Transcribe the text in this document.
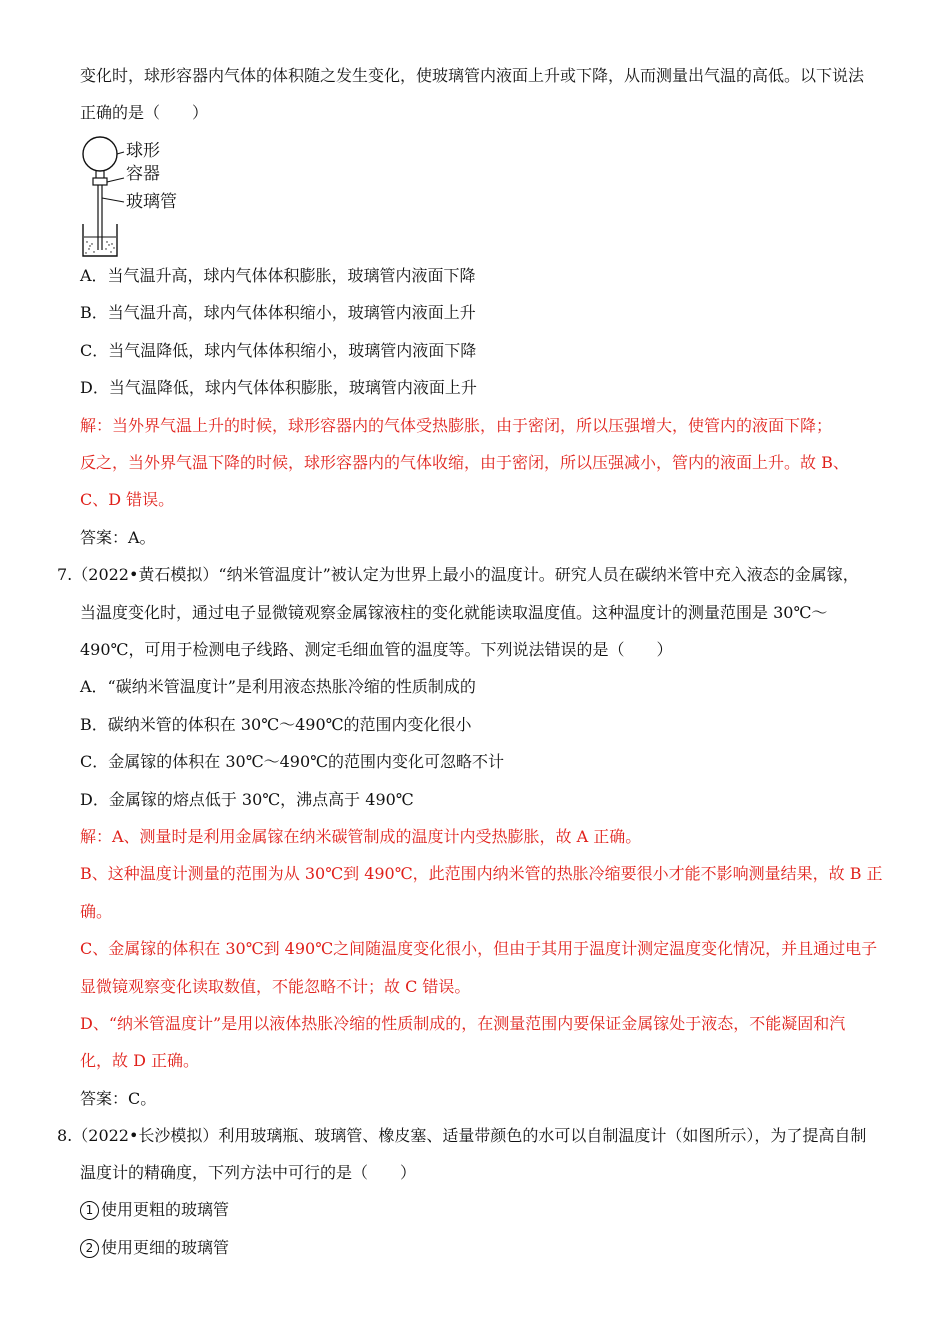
变化时，球形容器内气体的体积随之发生变化，使玻璃管内液面上升或下降，从而测量出气温的高低。以下说法
正确的是（　　）
球形
容器
玻璃管
A．当气温升高，球内气体体积膨胀，玻璃管内液面下降
B．当气温升高，球内气体体积缩小，玻璃管内液面上升
C．当气温降低，球内气体体积缩小，玻璃管内液面下降
D．当气温降低，球内气体体积膨胀，玻璃管内液面上升
解：当外界气温上升的时候，球形容器内的气体受热膨胀，由于密闭，所以压强增大，使管内的液面下降；
反之，当外界气温下降的时候，球形容器内的气体收缩，由于密闭，所以压强减小，管内的液面上升。故 B、
C、D 错误。
答案：A。
7.（2022•黄石模拟）“纳米管温度计”被认定为世界上最小的温度计。研究人员在碳纳米管中充入液态的金属镓，
当温度变化时，通过电子显微镜观察金属镓液柱的变化就能读取温度值。这种温度计的测量范围是 30℃～
490℃，可用于检测电子线路、测定毛细血管的温度等。下列说法错误的是（　　）
A．“碳纳米管温度计”是利用液态热胀冷缩的性质制成的
B．碳纳米管的体积在 30℃～490℃的范围内变化很小
C．金属镓的体积在 30℃～490℃的范围内变化可忽略不计
D．金属镓的熔点低于 30℃，沸点高于 490℃
解：A、测量时是利用金属镓在纳米碳管制成的温度计内受热膨胀，故 A 正确。
B、这种温度计测量的范围为从 30℃到 490℃，此范围内纳米管的热胀冷缩要很小才能不影响测量结果，故 B 正
确。
C、金属镓的体积在 30℃到 490℃之间随温度变化很小，但由于其用于温度计测定温度变化情况，并且通过电子
显微镜观察变化读取数值，不能忽略不计；故 C 错误。
D、“纳米管温度计”是用以液体热胀冷缩的性质制成的，在测量范围内要保证金属镓处于液态，不能凝固和汽
化，故 D 正确。
答案：C。
8.（2022•长沙模拟）利用玻璃瓶、玻璃管、橡皮塞、适量带颜色的水可以自制温度计（如图所示），为了提高自制
温度计的精确度，下列方法中可行的是（　　）
1 使用更粗的玻璃管
2 使用更细的玻璃管
